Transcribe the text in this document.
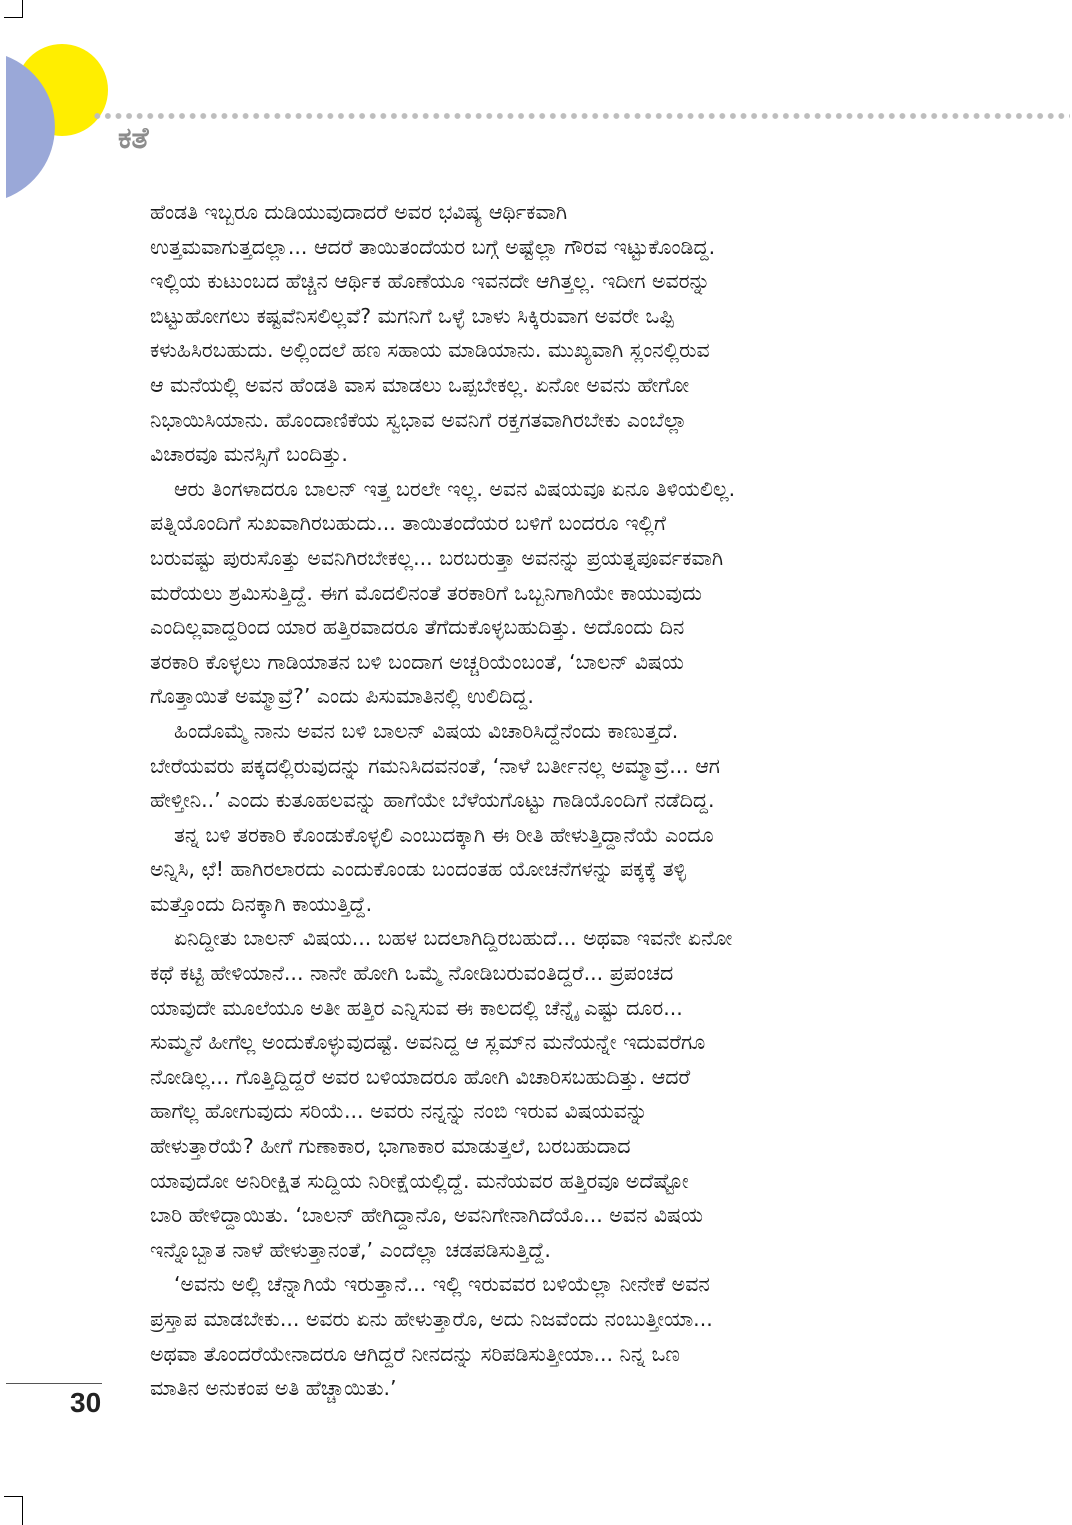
ಕತೆ

ಹೆಂಡತಿ ಇಬ್ಬರೂ ದುಡಿಯುವುದಾದರೆ ಅವರ ಭವಿಷ್ಯ ಆರ್ಥಿಕವಾಗಿ
ಉತ್ತಮವಾಗುತ್ತದಲ್ಲಾ... ಆದರೆ ತಾಯಿತಂದೆಯರ ಬಗ್ಗೆ ಅಷ್ಟೆಲ್ಲಾ ಗೌರವ ಇಟ್ಟುಕೊಂಡಿದ್ದ.
ಇಲ್ಲಿಯ ಕುಟುಂಬದ ಹೆಚ್ಚಿನ ಆರ್ಥಿಕ ಹೊಣೆಯೂ ಇವನದೇ ಆಗಿತ್ತಲ್ಲ. ಇದೀಗ ಅವರನ್ನು
ಬಿಟ್ಟುಹೋಗಲು ಕಷ್ಟವೆನಿಸಲಿಲ್ಲವೆ? ಮಗನಿಗೆ ಒಳ್ಳೆ ಬಾಳು ಸಿಕ್ಕಿರುವಾಗ ಅವರೇ ಒಪ್ಪಿ
ಕಳುಹಿಸಿರಬಹುದು. ಅಲ್ಲಿಂದಲೆ ಹಣ ಸಹಾಯ ಮಾಡಿಯಾನು. ಮುಖ್ಯವಾಗಿ ಸ್ಲಂನಲ್ಲಿರುವ
ಆ ಮನೆಯಲ್ಲಿ ಅವನ ಹೆಂಡತಿ ವಾಸ ಮಾಡಲು ಒಪ್ಪಬೇಕಲ್ಲ. ಏನೋ ಅವನು ಹೇಗೋ
ನಿಭಾಯಿಸಿಯಾನು. ಹೊಂದಾಣಿಕೆಯ ಸ್ವಭಾವ ಅವನಿಗೆ ರಕ್ತಗತವಾಗಿರಬೇಕು ಎಂಬೆಲ್ಲಾ
ವಿಚಾರವೂ ಮನಸ್ಸಿಗೆ ಬಂದಿತ್ತು.

ಆರು ತಿಂಗಳಾದರೂ ಬಾಲನ್ ಇತ್ತ ಬರಲೇ ಇಲ್ಲ. ಅವನ ವಿಷಯವೂ ಏನೂ ತಿಳಿಯಲಿಲ್ಲ.
ಪತ್ನಿಯೊಂದಿಗೆ ಸುಖವಾಗಿರಬಹುದು... ತಾಯಿತಂದೆಯರ ಬಳಿಗೆ ಬಂದರೂ ಇಲ್ಲಿಗೆ
ಬರುವಷ್ಟು ಪುರುಸೊತ್ತು ಅವನಿಗಿರಬೇಕಲ್ಲ... ಬರಬರುತ್ತಾ ಅವನನ್ನು ಪ್ರಯತ್ನಪೂರ್ವಕವಾಗಿ
ಮರೆಯಲು ಶ್ರಮಿಸುತ್ತಿದ್ದೆ. ಈಗ ಮೊದಲಿನಂತೆ ತರಕಾರಿಗೆ ಒಬ್ಬನಿಗಾಗಿಯೇ ಕಾಯುವುದು
ಎಂದಿಲ್ಲವಾದ್ದರಿಂದ ಯಾರ ಹತ್ತಿರವಾದರೂ ತೆಗೆದುಕೊಳ್ಳಬಹುದಿತ್ತು. ಅದೊಂದು ದಿನ
ತರಕಾರಿ ಕೊಳ್ಳಲು ಗಾಡಿಯಾತನ ಬಳಿ ಬಂದಾಗ ಅಚ್ಚರಿಯೆಂಬಂತೆ, ‘ಬಾಲನ್ ವಿಷಯ
ಗೊತ್ತಾಯಿತೆ ಅಮ್ಮಾವ್ರೆ?’ ಎಂದು ಪಿಸುಮಾತಿನಲ್ಲಿ ಉಲಿದಿದ್ದ.

ಹಿಂದೊಮ್ಮೆ ನಾನು ಅವನ ಬಳಿ ಬಾಲನ್ ವಿಷಯ ವಿಚಾರಿಸಿದ್ದೆನೆಂದು ಕಾಣುತ್ತದೆ.
ಬೇರೆಯವರು ಪಕ್ಕದಲ್ಲಿರುವುದನ್ನು ಗಮನಿಸಿದವನಂತೆ, ‘ನಾಳೆ ಬರ್ತೀನಲ್ಲ ಅಮ್ಮಾವ್ರೆ... ಆಗ
ಹೇಳ್ತೀನಿ..’ ಎಂದು ಕುತೂಹಲವನ್ನು ಹಾಗೆಯೇ ಬೆಳೆಯಗೊಟ್ಟು ಗಾಡಿಯೊಂದಿಗೆ ನಡೆದಿದ್ದ.

ತನ್ನ ಬಳಿ ತರಕಾರಿ ಕೊಂಡುಕೊಳ್ಳಲಿ ಎಂಬುದಕ್ಕಾಗಿ ಈ ರೀತಿ ಹೇಳುತ್ತಿದ್ದಾನೆಯೆ ಎಂದೂ
ಅನ್ನಿಸಿ, ಛೆ! ಹಾಗಿರಲಾರದು ಎಂದುಕೊಂಡು ಬಂದಂತಹ ಯೋಚನೆಗಳನ್ನು ಪಕ್ಕಕ್ಕೆ ತಳ್ಳಿ
ಮತ್ತೊಂದು ದಿನಕ್ಕಾಗಿ ಕಾಯುತ್ತಿದ್ದೆ.

ಏನಿದ್ದೀತು ಬಾಲನ್ ವಿಷಯ... ಬಹಳ ಬದಲಾಗಿದ್ದಿರಬಹುದೆ... ಅಥವಾ ಇವನೇ ಏನೋ
ಕಥೆ ಕಟ್ಟಿ ಹೇಳಿಯಾನೆ... ನಾನೇ ಹೋಗಿ ಒಮ್ಮೆ ನೋಡಿಬರುವಂತಿದ್ದರೆ... ಪ್ರಪಂಚದ
ಯಾವುದೇ ಮೂಲೆಯೂ ಅತೀ ಹತ್ತಿರ ಎನ್ನಿಸುವ ಈ ಕಾಲದಲ್ಲಿ ಚೆನ್ನೈ ಎಷ್ಟು ದೂರ...
ಸುಮ್ಮನೆ ಹೀಗೆಲ್ಲ ಅಂದುಕೊಳ್ಳುವುದಷ್ಟೆ. ಅವನಿದ್ದ ಆ ಸ್ಲಮ್‌ನ ಮನೆಯನ್ನೇ ಇದುವರೆಗೂ
ನೋಡಿಲ್ಲ... ಗೊತ್ತಿದ್ದಿದ್ದರೆ ಅವರ ಬಳಿಯಾದರೂ ಹೋಗಿ ವಿಚಾರಿಸಬಹುದಿತ್ತು. ಆದರೆ
ಹಾಗೆಲ್ಲ ಹೋಗುವುದು ಸರಿಯೆ... ಅವರು ನನ್ನನ್ನು ನಂಬಿ ಇರುವ ವಿಷಯವನ್ನು
ಹೇಳುತ್ತಾರೆಯೆ? ಹೀಗೆ ಗುಣಾಕಾರ, ಭಾಗಾಕಾರ ಮಾಡುತ್ತಲೆ, ಬರಬಹುದಾದ
ಯಾವುದೋ ಅನಿರೀಕ್ಷಿತ ಸುದ್ದಿಯ ನಿರೀಕ್ಷೆಯಲ್ಲಿದ್ದೆ. ಮನೆಯವರ ಹತ್ತಿರವೂ ಅದೆಷ್ಟೋ
ಬಾರಿ ಹೇಳಿದ್ದಾಯಿತು. ‘ಬಾಲನ್ ಹೇಗಿದ್ದಾನೊ, ಅವನಿಗೇನಾಗಿದೆಯೊ... ಅವನ ವಿಷಯ
ಇನ್ನೊಬ್ಬಾತ ನಾಳೆ ಹೇಳುತ್ತಾನಂತೆ,’ ಎಂದೆಲ್ಲಾ ಚಡಪಡಿಸುತ್ತಿದ್ದೆ.

‘ಅವನು ಅಲ್ಲಿ ಚೆನ್ನಾಗಿಯೆ ಇರುತ್ತಾನೆ... ಇಲ್ಲಿ ಇರುವವರ ಬಳಿಯೆಲ್ಲಾ ನೀನೇಕೆ ಅವನ
ಪ್ರಸ್ತಾಪ ಮಾಡಬೇಕು... ಅವರು ಏನು ಹೇಳುತ್ತಾರೊ, ಅದು ನಿಜವೆಂದು ನಂಬುತ್ತೀಯಾ...
ಅಥವಾ ತೊಂದರೆಯೇನಾದರೂ ಆಗಿದ್ದರೆ ನೀನದನ್ನು ಸರಿಪಡಿಸುತ್ತೀಯಾ... ನಿನ್ನ ಒಣ
ಮಾತಿನ ಅನುಕಂಪ ಅತಿ ಹೆಚ್ಚಾಯಿತು.’

30
